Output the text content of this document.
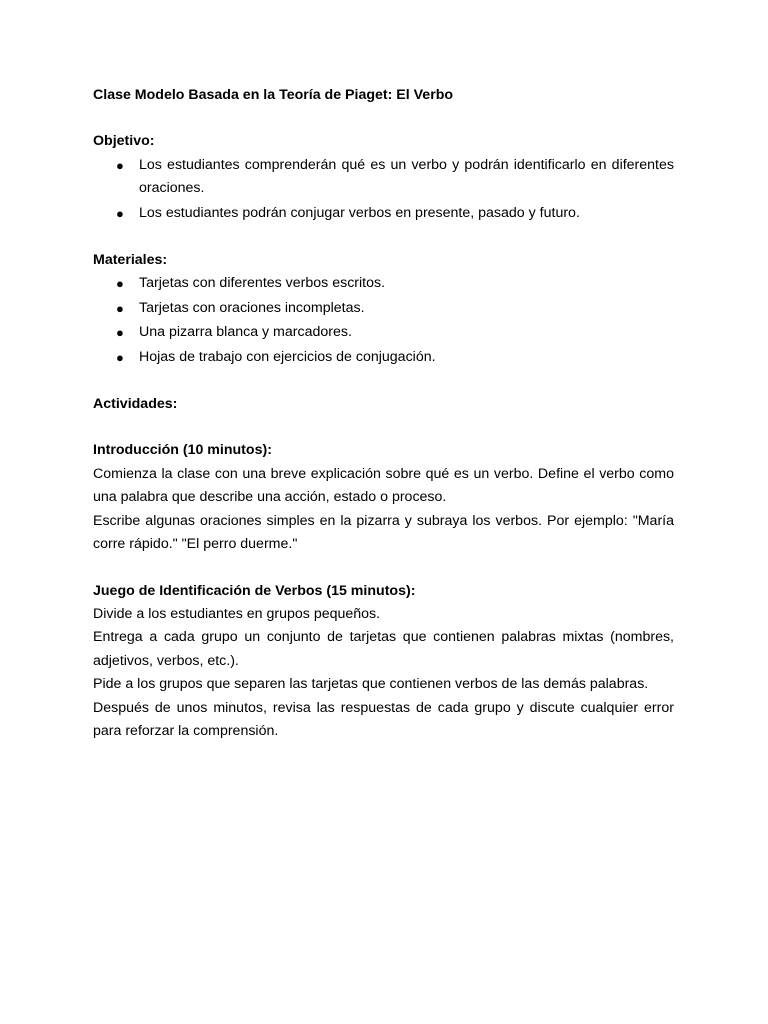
Clase Modelo Basada en la Teoría de Piaget: El Verbo

Objetivo:

● Los estudiantes comprenderán qué es un verbo y podrán identificarlo en diferentes oraciones.
● Los estudiantes podrán conjugar verbos en presente, pasado y futuro.

Materiales:

● Tarjetas con diferentes verbos escritos.
● Tarjetas con oraciones incompletas.
● Una pizarra blanca y marcadores.
● Hojas de trabajo con ejercicios de conjugación.

Actividades:

Introducción (10 minutos):

Comienza la clase con una breve explicación sobre qué es un verbo. Define el verbo como una palabra que describe una acción, estado o proceso.

Escribe algunas oraciones simples en la pizarra y subraya los verbos. Por ejemplo: "María corre rápido." "El perro duerme."

Juego de Identificación de Verbos (15 minutos):

Divide a los estudiantes en grupos pequeños.

Entrega a cada grupo un conjunto de tarjetas que contienen palabras mixtas (nombres, adjetivos, verbos, etc.).

Pide a los grupos que separen las tarjetas que contienen verbos de las demás palabras.

Después de unos minutos, revisa las respuestas de cada grupo y discute cualquier error para reforzar la comprensión.
